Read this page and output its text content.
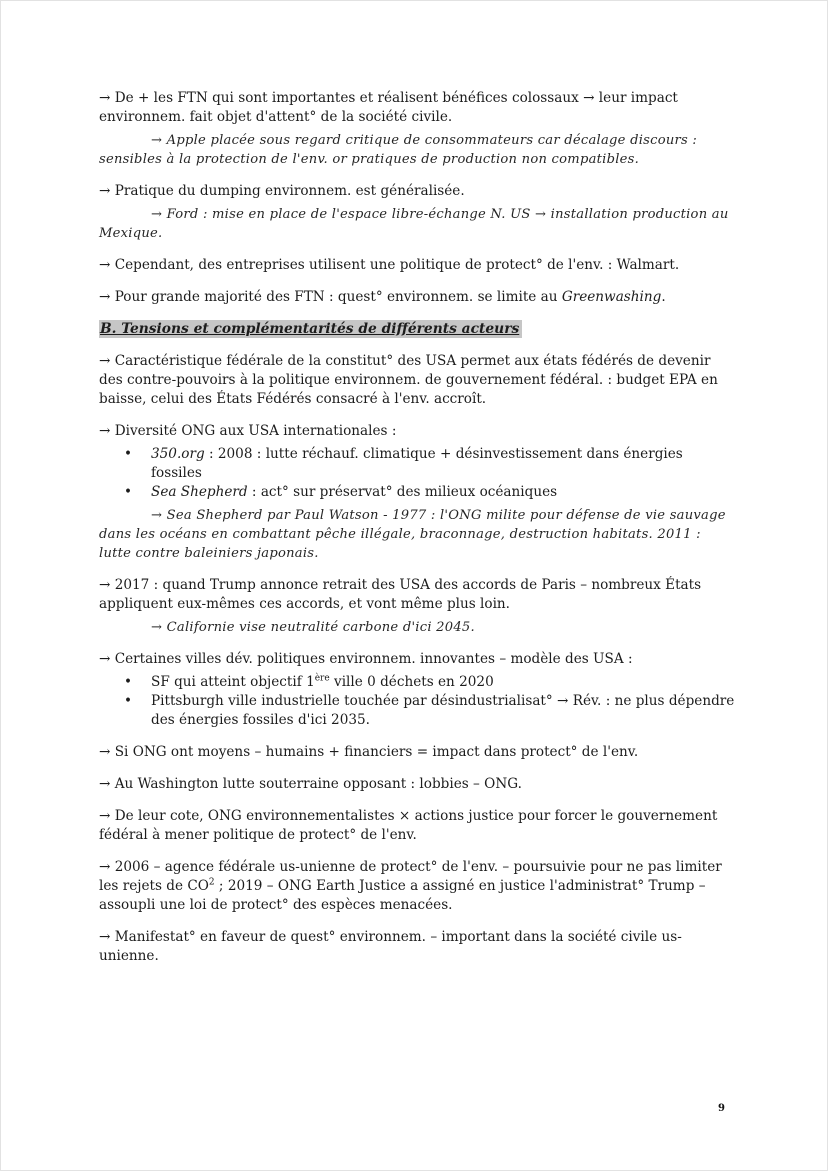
→ De + les FTN qui sont importantes et réalisent bénéfices colossaux → leur impact environnem. fait objet d'attent° de la société civile.

→ Apple placée sous regard critique de consommateurs car décalage discours : sensibles à la protection de l'env. or pratiques de production non compatibles.

→ Pratique du dumping environnem. est généralisée.

→ Ford : mise en place de l'espace libre-échange N. US → installation production au Mexique.

→ Cependant, des entreprises utilisent une politique de protect° de l'env. : Walmart.

→ Pour grande majorité des FTN : quest° environnem. se limite au Greenwashing.

B. Tensions et complémentarités de différents acteurs

→ Caractéristique fédérale de la constitut° des USA permet aux états fédérés de devenir des contre-pouvoirs à la politique environnem. de gouvernement fédéral. : budget EPA en baisse, celui des États Fédérés consacré à l'env. accroît.

→ Diversité ONG aux USA internationales :

• 350.org : 2008 : lutte réchauf. climatique + désinvestissement dans énergies fossiles
• Sea Shepherd : act° sur préservat° des milieux océaniques

→ Sea Shepherd par Paul Watson - 1977 : l'ONG milite pour défense de vie sauvage dans les océans en combattant pêche illégale, braconnage, destruction habitats. 2011 : lutte contre baleiniers japonais.

→ 2017 : quand Trump annonce retrait des USA des accords de Paris – nombreux États appliquent eux-mêmes ces accords, et vont même plus loin.

→ Californie vise neutralité carbone d'ici 2045.

→ Certaines villes dév. politiques environnem. innovantes – modèle des USA :

• SF qui atteint objectif 1ère ville 0 déchets en 2020
• Pittsburgh ville industrielle touchée par désindustrialisat° → Rév. : ne plus dépendre des énergies fossiles d'ici 2035.

→ Si ONG ont moyens – humains + financiers = impact dans protect° de l'env.

→ Au Washington lutte souterraine opposant : lobbies – ONG.

→ De leur cote, ONG environnementalistes × actions justice pour forcer le gouvernement fédéral à mener politique de protect° de l'env.

→ 2006 – agence fédérale us-unienne de protect° de l'env. – poursuivie pour ne pas limiter les rejets de $CO^2$ ; 2019 – ONG Earth Justice a assigné en justice l'administrat° Trump – assoupli une loi de protect° des espèces menacées.

→ Manifestat° en faveur de quest° environnem. – important dans la société civile us-unienne.

9
